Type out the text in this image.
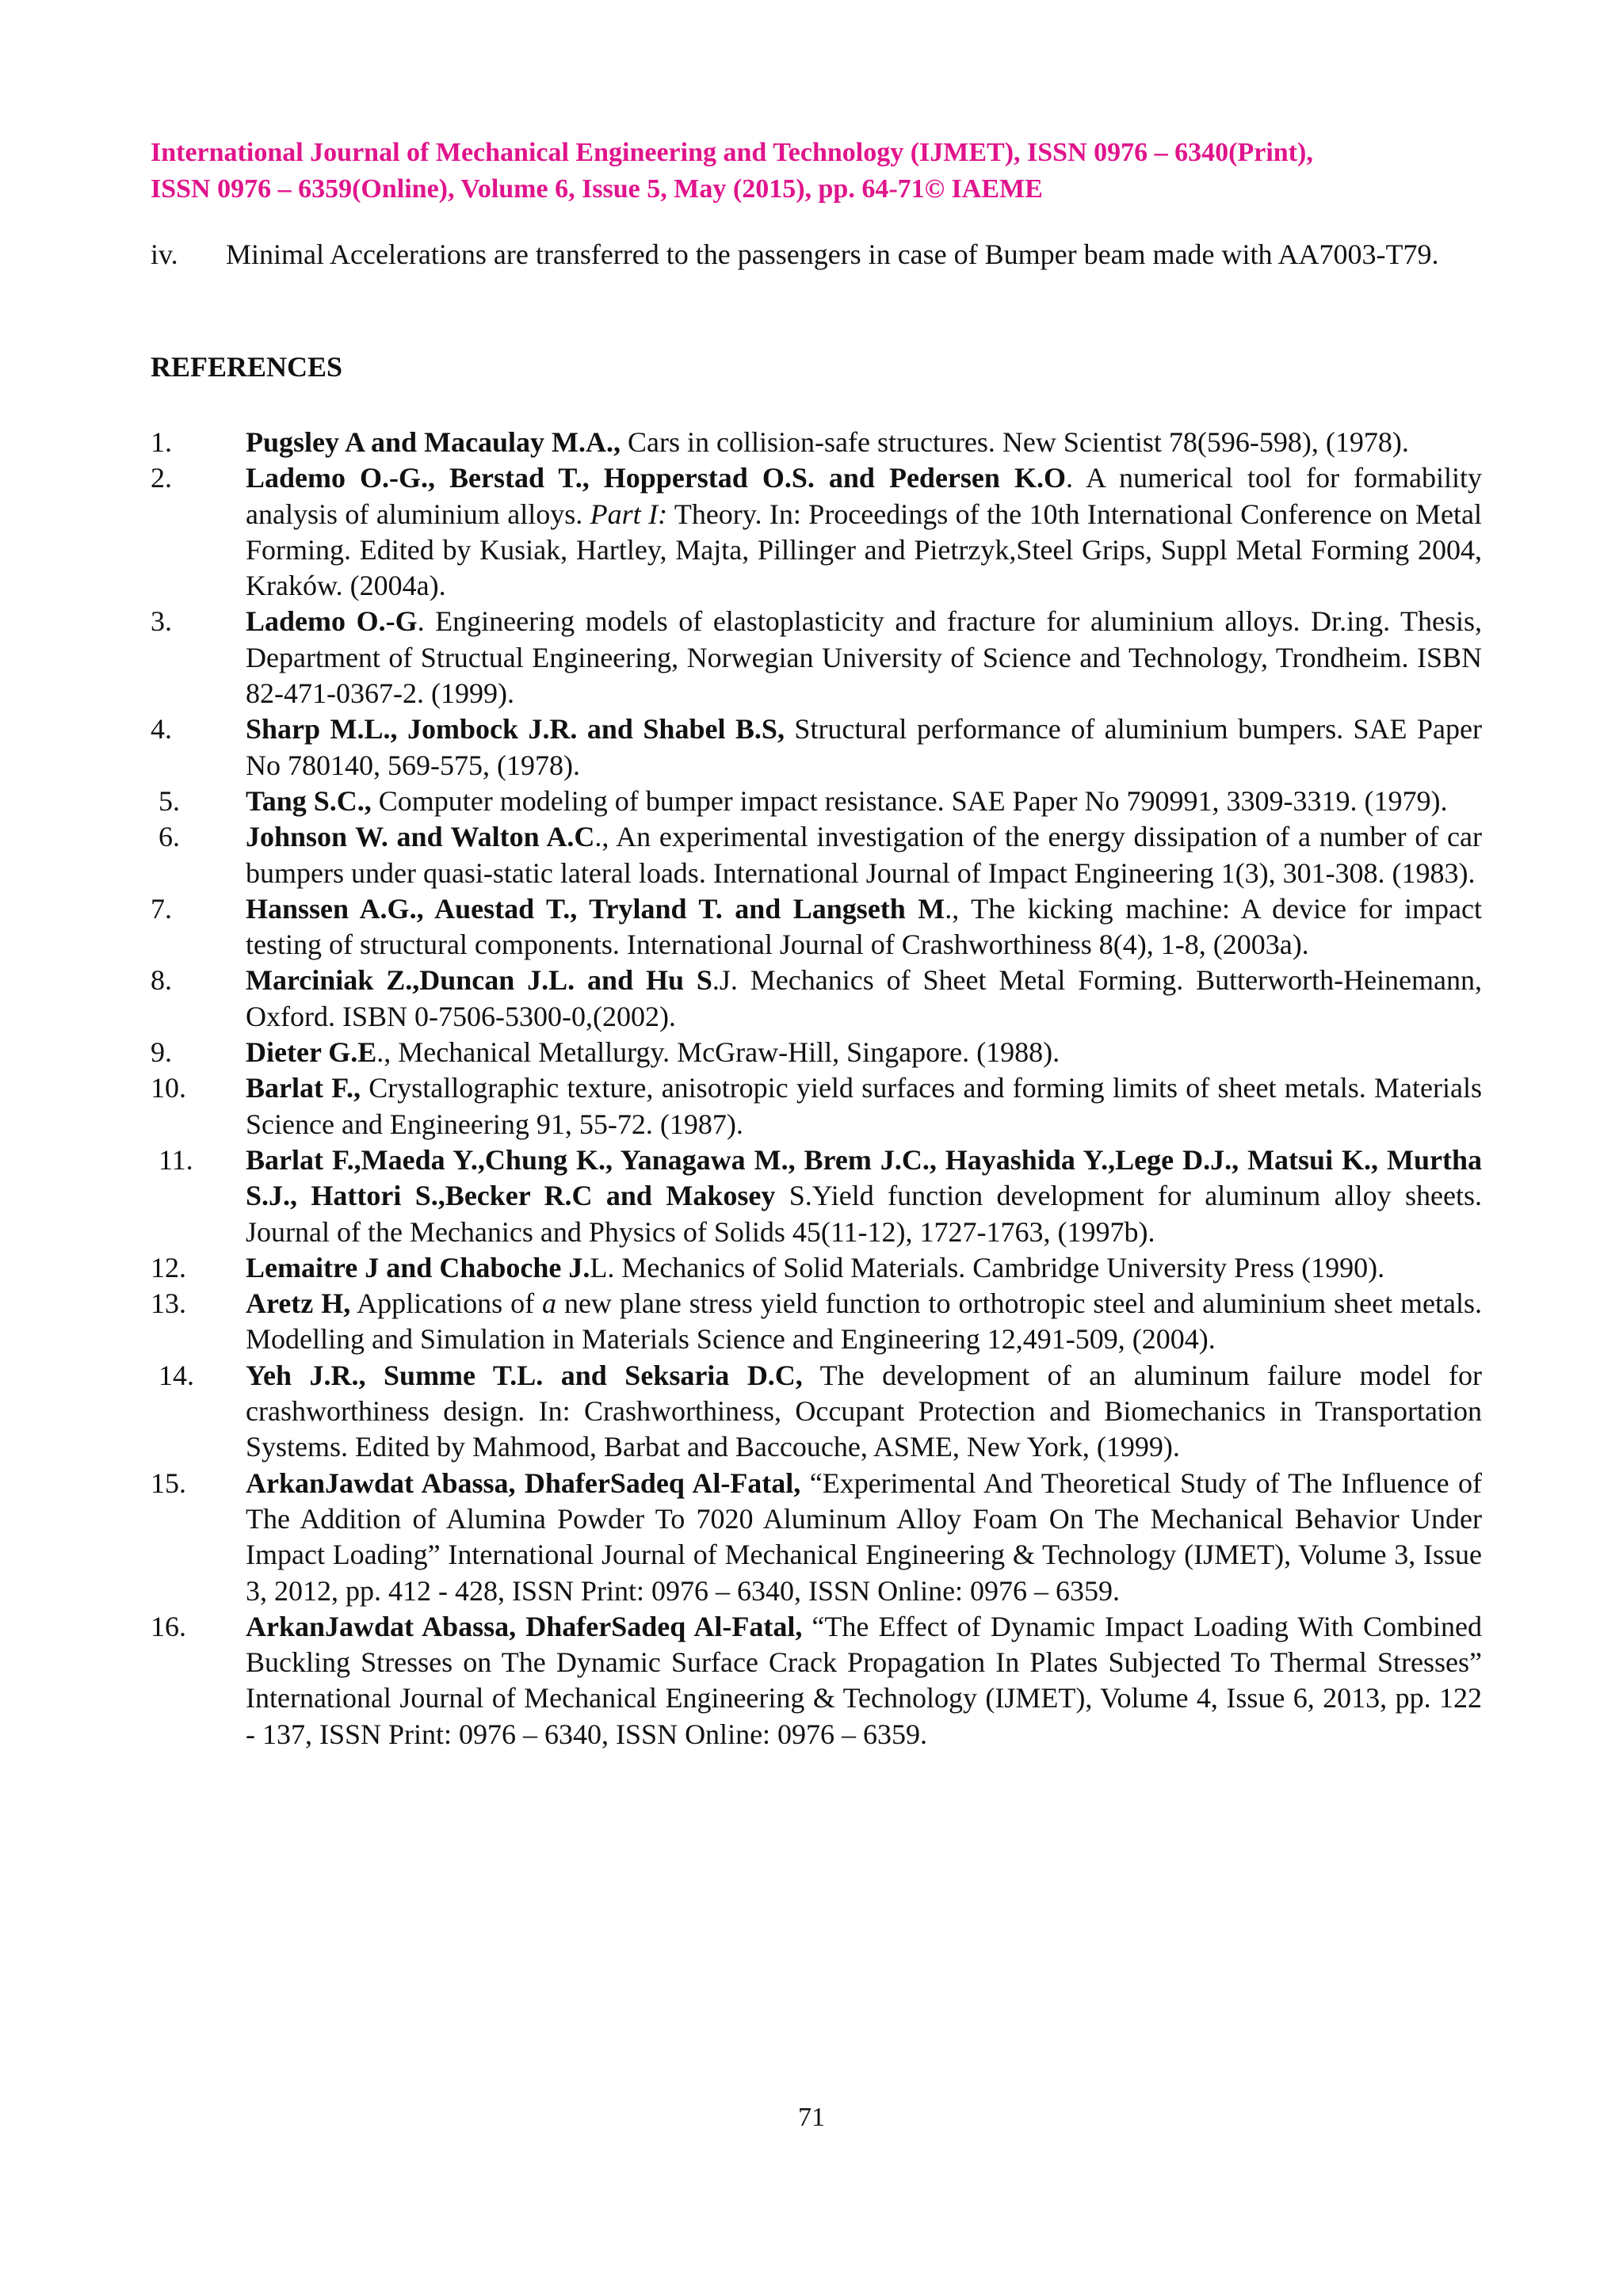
International Journal of Mechanical Engineering and Technology (IJMET), ISSN 0976 – 6340(Print),
ISSN 0976 – 6359(Online), Volume 6, Issue 5, May (2015), pp. 64-71© IAEME
iv. Minimal Accelerations are transferred to the passengers in case of Bumper beam made with AA7003-T79.
REFERENCES
1.	Pugsley A and Macaulay M.A., Cars in collision-safe structures. New Scientist 78(596-598), (1978).
2.	Lademo O.-G., Berstad T., Hopperstad O.S. and Pedersen K.O. A numerical tool for formability analysis of aluminium alloys. Part I: Theory. In: Proceedings of the 10th International Conference on Metal Forming. Edited by Kusiak, Hartley, Majta, Pillinger and Pietrzyk,Steel Grips, Suppl Metal Forming 2004, Kraków. (2004a).
3.	Lademo O.-G. Engineering models of elastoplasticity and fracture for aluminium alloys. Dr.ing. Thesis, Department of Structual Engineering, Norwegian University of Science and Technology, Trondheim. ISBN 82-471-0367-2. (1999).
4.	Sharp M.L., Jombock J.R. and Shabel B.S, Structural performance of aluminium bumpers. SAE Paper No 780140, 569-575, (1978).
5. Tang S.C., Computer modeling of bumper impact resistance. SAE Paper No 790991, 3309-3319. (1979).
6. Johnson W. and Walton A.C., An experimental investigation of the energy dissipation of a number of car bumpers under quasi-static lateral loads. International Journal of Impact Engineering 1(3), 301-308. (1983).
7.	Hanssen A.G., Auestad T., Tryland T. and Langseth M., The kicking machine: A device for impact testing of structural components. International Journal of Crashworthiness 8(4), 1-8, (2003a).
8.	Marciniak Z.,Duncan J.L. and Hu S.J. Mechanics of Sheet Metal Forming. Butterworth-Heinemann, Oxford. ISBN 0-7506-5300-0,(2002).
9.	Dieter G.E., Mechanical Metallurgy. McGraw-Hill, Singapore. (1988).
10. Barlat F., Crystallographic texture, anisotropic yield surfaces and forming limits of sheet metals. Materials Science and Engineering 91, 55-72. (1987).
11. Barlat F.,Maeda Y.,Chung K., Yanagawa M., Brem J.C., Hayashida Y.,Lege D.J., Matsui K., Murtha S.J., Hattori S.,Becker R.C and Makosey S.Yield function development for aluminum alloy sheets. Journal of the Mechanics and Physics of Solids 45(11-12), 1727-1763, (1997b).
12. Lemaitre J and Chaboche J.L. Mechanics of Solid Materials. Cambridge University Press (1990).
13. Aretz H, Applications of a new plane stress yield function to orthotropic steel and aluminium sheet metals. Modelling and Simulation in Materials Science and Engineering 12,491-509, (2004).
14. Yeh J.R., Summe T.L. and Seksaria D.C, The development of an aluminum failure model for crashworthiness design. In: Crashworthiness, Occupant Protection and Biomechanics in Transportation Systems. Edited by Mahmood, Barbat and Baccouche, ASME, New York, (1999).
15. ArkanJawdat Abassa, DhaferSadeq Al-Fatal, “Experimental And Theoretical Study of The Influence of The Addition of Alumina Powder To 7020 Aluminum Alloy Foam On The Mechanical Behavior Under Impact Loading” International Journal of Mechanical Engineering & Technology (IJMET), Volume 3, Issue 3, 2012, pp. 412 - 428, ISSN Print: 0976 – 6340, ISSN Online: 0976 – 6359.
16. ArkanJawdat Abassa, DhaferSadeq Al-Fatal, “The Effect of Dynamic Impact Loading With Combined Buckling Stresses on The Dynamic Surface Crack Propagation In Plates Subjected To Thermal Stresses” International Journal of Mechanical Engineering & Technology (IJMET), Volume 4, Issue 6, 2013, pp. 122 - 137, ISSN Print: 0976 – 6340, ISSN Online: 0976 – 6359.
71
